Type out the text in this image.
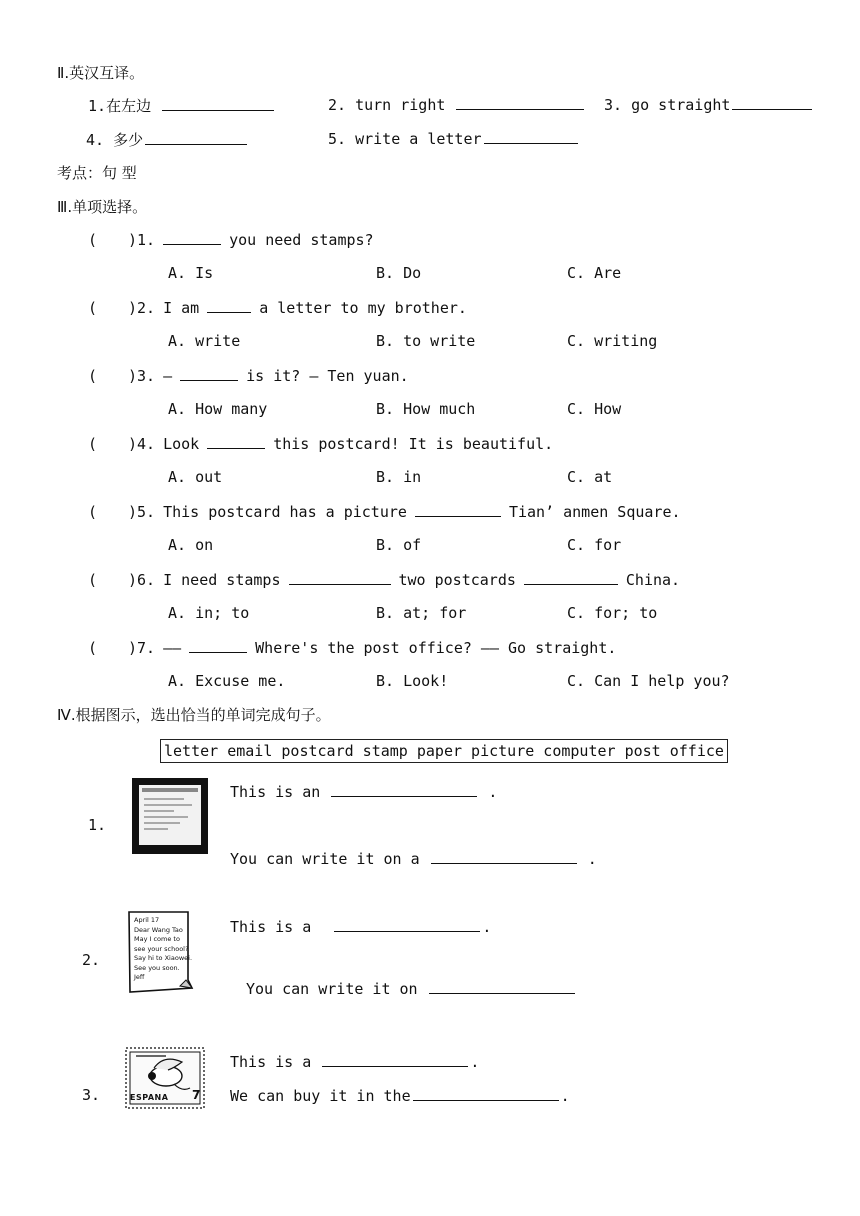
Ⅱ.英汉互译。
1.在左边	2. turn right	3. go straight
4. 多少	5. write a letter
考点：句 型
Ⅲ.单项选择。
( )1.	you need stamps?
A. Is	B. Do	C. Are
( )2. I am	a letter to my brother.
A. write	B. to write	C. writing
( )3. —	is it? — Ten yuan.
A. How many	B. How much	C. How
( )4. Look	this postcard! It is beautiful.
A. out	B. in	C. at
( )5. This postcard has a picture	Tian’ anmen Square.
A. on	B. of	C. for
( )6. I need stamps	two postcards	China.
A. in; to	B. at; for	C. for; to
( )7. ——	Where's the post office? —— Go straight.
A. Excuse me.	B. Look!	C. Can I help you?
Ⅳ.根据图示，选出恰当的单词完成句子。
letter email postcard stamp paper picture computer post office
1.
This is an	.
You can write it on a	.
2.
April 17
Dear Wang Tao
May I come to
see your school?
Say hi to Xiaowei.
See you soon.
Jeff
This is a	.
You can write it on
3.	ESPANA 7
This is a	.
We can buy it in the	.
